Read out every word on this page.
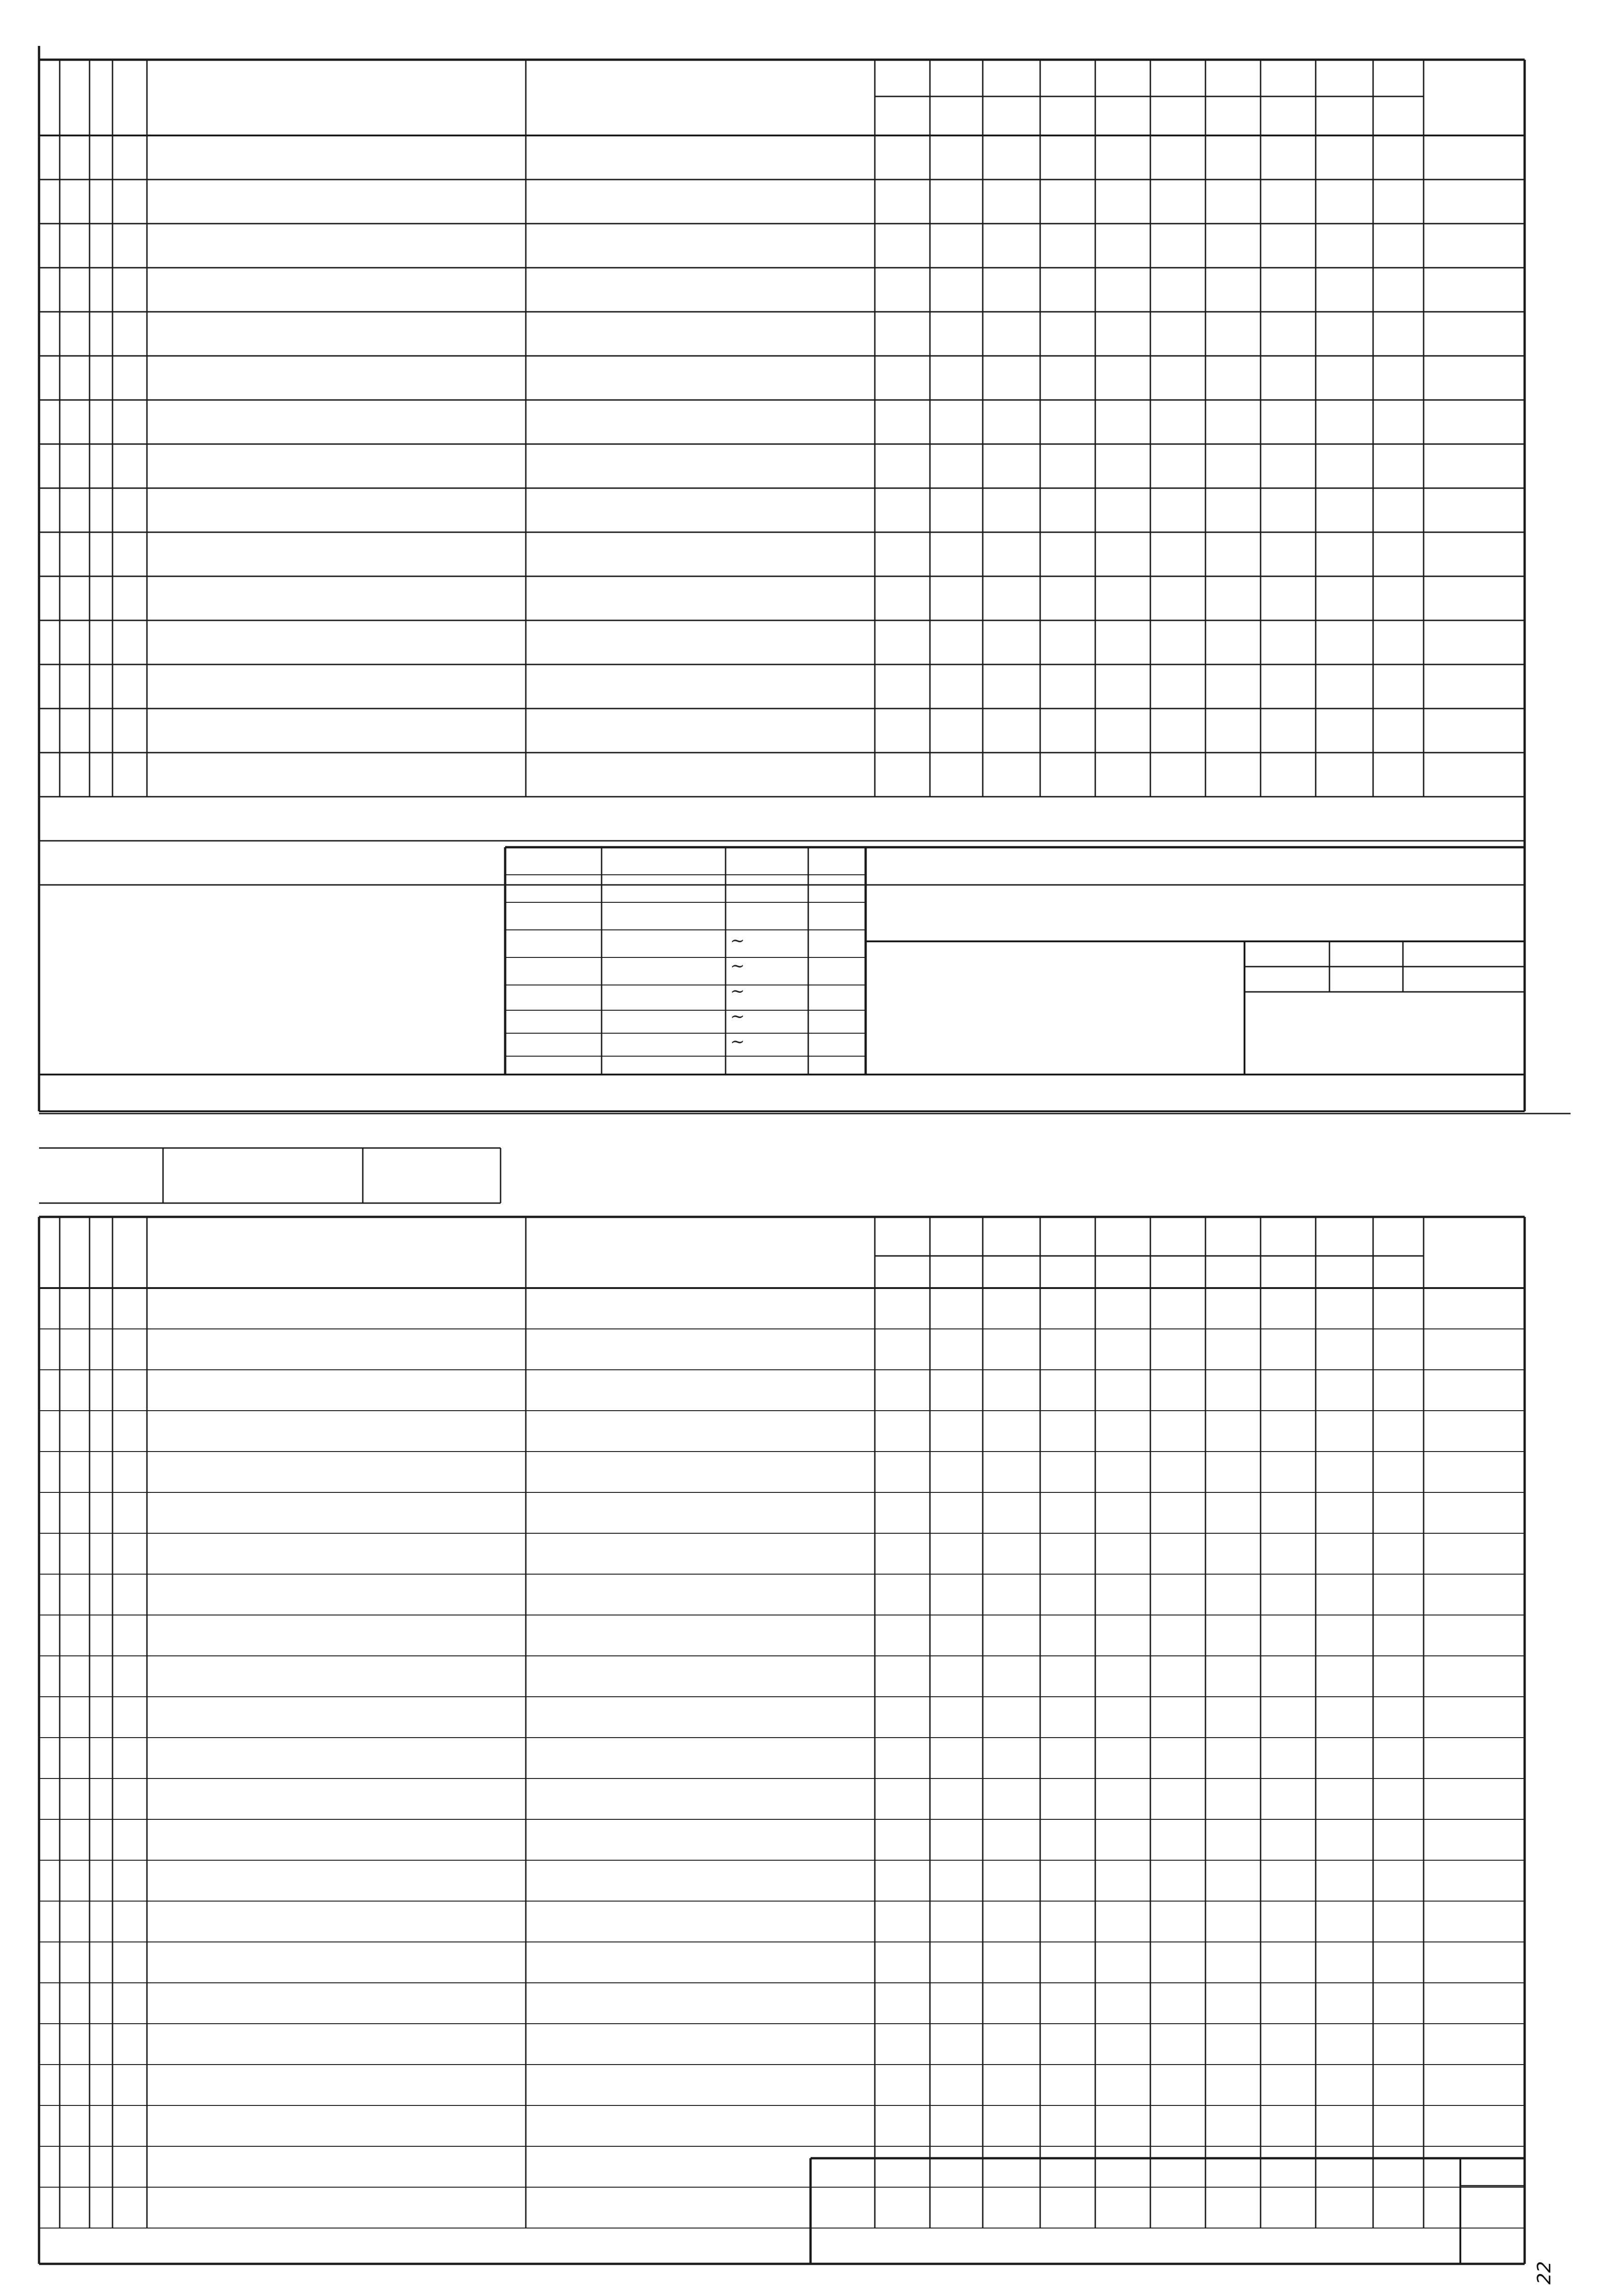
~
~
~
~
~
22
